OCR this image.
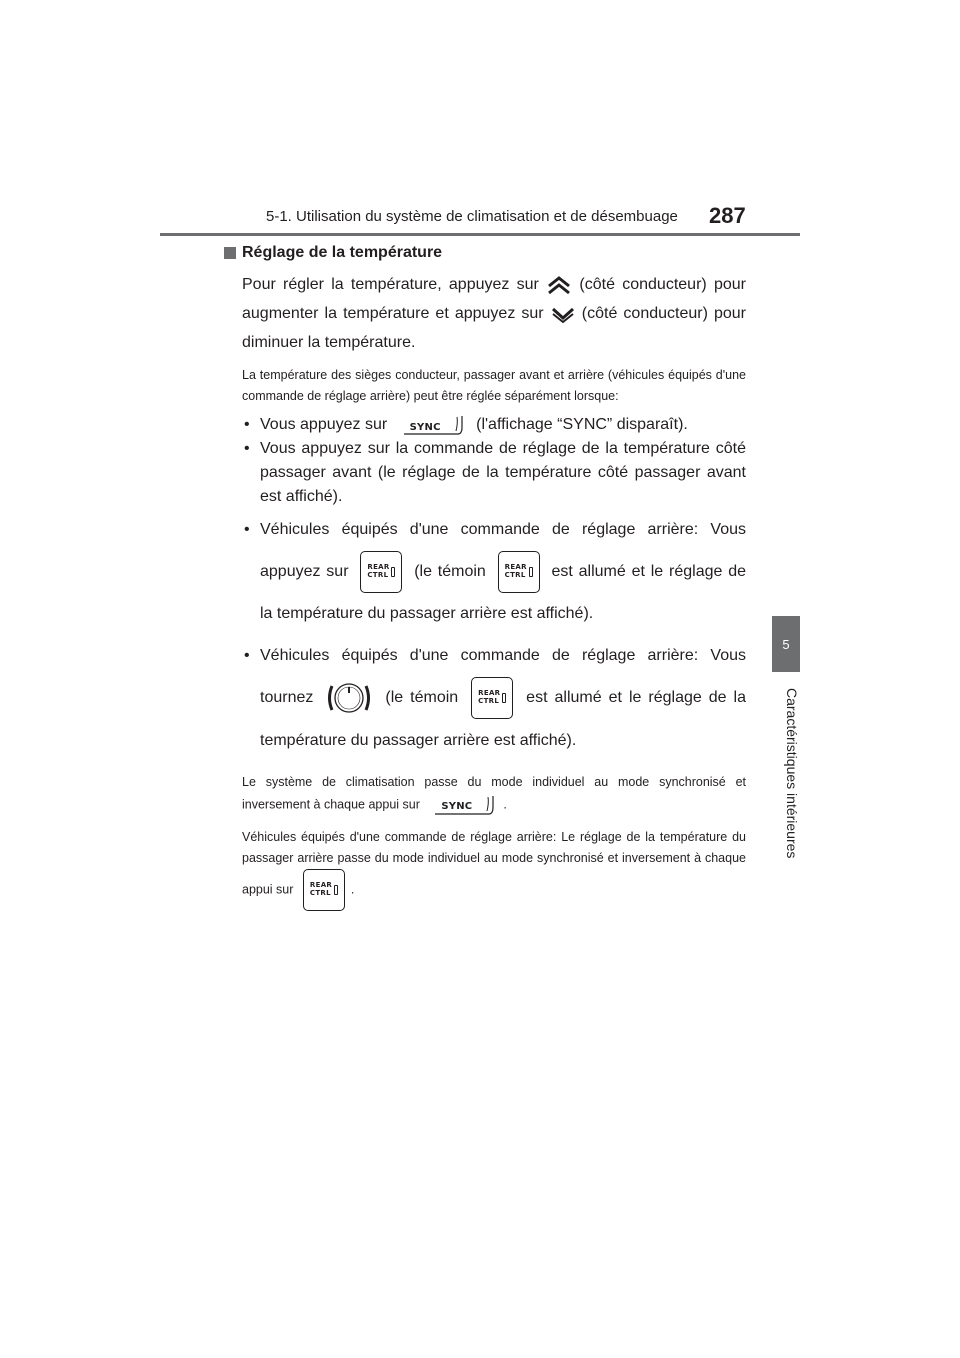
5-1. Utilisation du système de climatisation et de désembuage 287
5
Caractéristiques intérieures
Réglage de la température

Pour régler la température, appuyez sur	(côté conducteur) pour augmenter la température et appuyez sur (côté conducteur) pour diminuer la température.

La température des sièges conducteur, passager avant et arrière (véhicules équipés d'une commande de réglage arrière) peut être réglée séparément lorsque:

• Vous appuyez sur SYNC (l'affichage “SYNC” disparaît).
• Vous appuyez sur la commande de réglage de la température côté passager avant (le réglage de la température côté passager avant est affiché).
• Véhicules équipés d'une commande de réglage arrière: Vous appuyez sur	REAR
CTRL (le témoin	REAR
CTRL est allumé et le réglage de la température du passager arrière est affiché).
• Véhicules équipés d'une commande de réglage arrière: Vous tournez	(le témoin	REAR
CTRL est allumé et le réglage de la température du passager arrière est affiché).

Le système de climatisation passe du mode individuel au mode synchronisé et inversement à chaque appui sur SYNC .

Véhicules équipés d'une commande de réglage arrière: Le réglage de la température du passager arrière passe du mode individuel au mode synchronisé et inversement à chaque appui sur REAR
CTRL .
